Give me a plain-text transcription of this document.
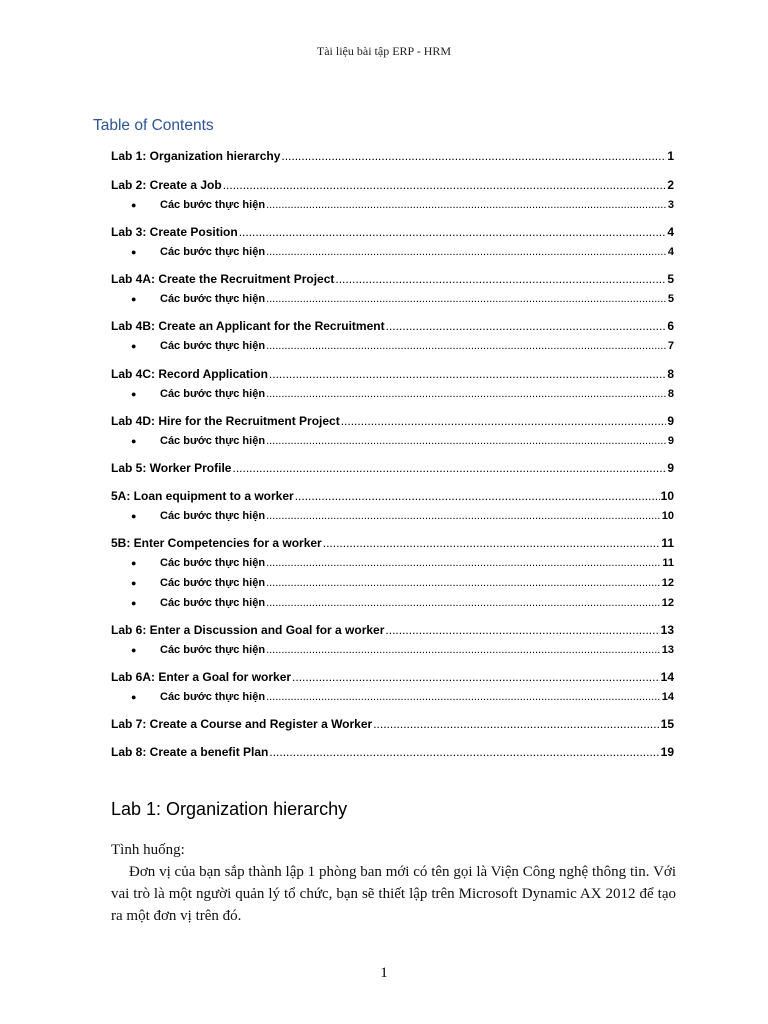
Tài liệu bài tập ERP - HRM
Table of Contents
Lab 1: Organization hierarchy .....	1
Lab 2: Create a Job .....	2
● Các bước thực hiện .....	3
Lab 3: Create Position .....	4
● Các bước thực hiện .....	4
Lab 4A: Create the Recruitment Project .....	5
● Các bước thực hiện .....	5
Lab 4B: Create an Applicant for the Recruitment .....	6
● Các bước thực hiện .....	7
Lab 4C: Record Application .....	8
● Các bước thực hiện .....	8
Lab 4D: Hire for the Recruitment Project .....	9
● Các bước thực hiện .....	9
Lab 5: Worker Profile .....	9
5A: Loan equipment to a worker .....	10
● Các bước thực hiện .....	10
5B: Enter Competencies for a worker .....	11
● Các bước thực hiện .....	11
● Các bước thực hiện .....	12
● Các bước thực hiện .....	12
Lab 6: Enter a Discussion and Goal for a worker .....	13
● Các bước thực hiện .....	13
Lab 6A: Enter a Goal for worker .....	14
● Các bước thực hiện .....	14
Lab 7: Create a Course and Register a Worker .....	15
Lab 8: Create a benefit Plan .....	19
Lab 1: Organization hierarchy
Tình huống:
Đơn vị của bạn sắp thành lập 1 phòng ban mới có tên gọi là Viện Công nghệ thông tin. Với vai trò là một người quản lý tổ chức, bạn sẽ thiết lập trên Microsoft Dynamic AX 2012 để tạo ra một đơn vị trên đó.
1
